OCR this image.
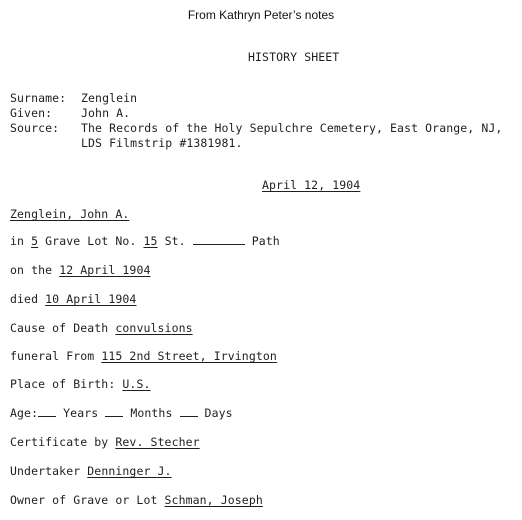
From Kathryn Peter’s notes
HISTORY SHEET
Surname: Zenglein
Given:	John A.
Source: The Records of the Holy Sepulchre Cemetery, East Orange, NJ,
LDS Filmstrip #1381981.
April 12, 1904
Zenglein, John A.
in 5 Grave Lot No. 15 St.	Path
on the 12 April 1904
died 10 April 1904
Cause of Death convulsions
funeral From 115 2nd Street, Irvington
Place of Birth: U.S.
Age: Years	Months	Days
Certificate by Rev. Stecher
Undertaker Denninger J.
Owner of Grave or Lot Schman, Joseph
